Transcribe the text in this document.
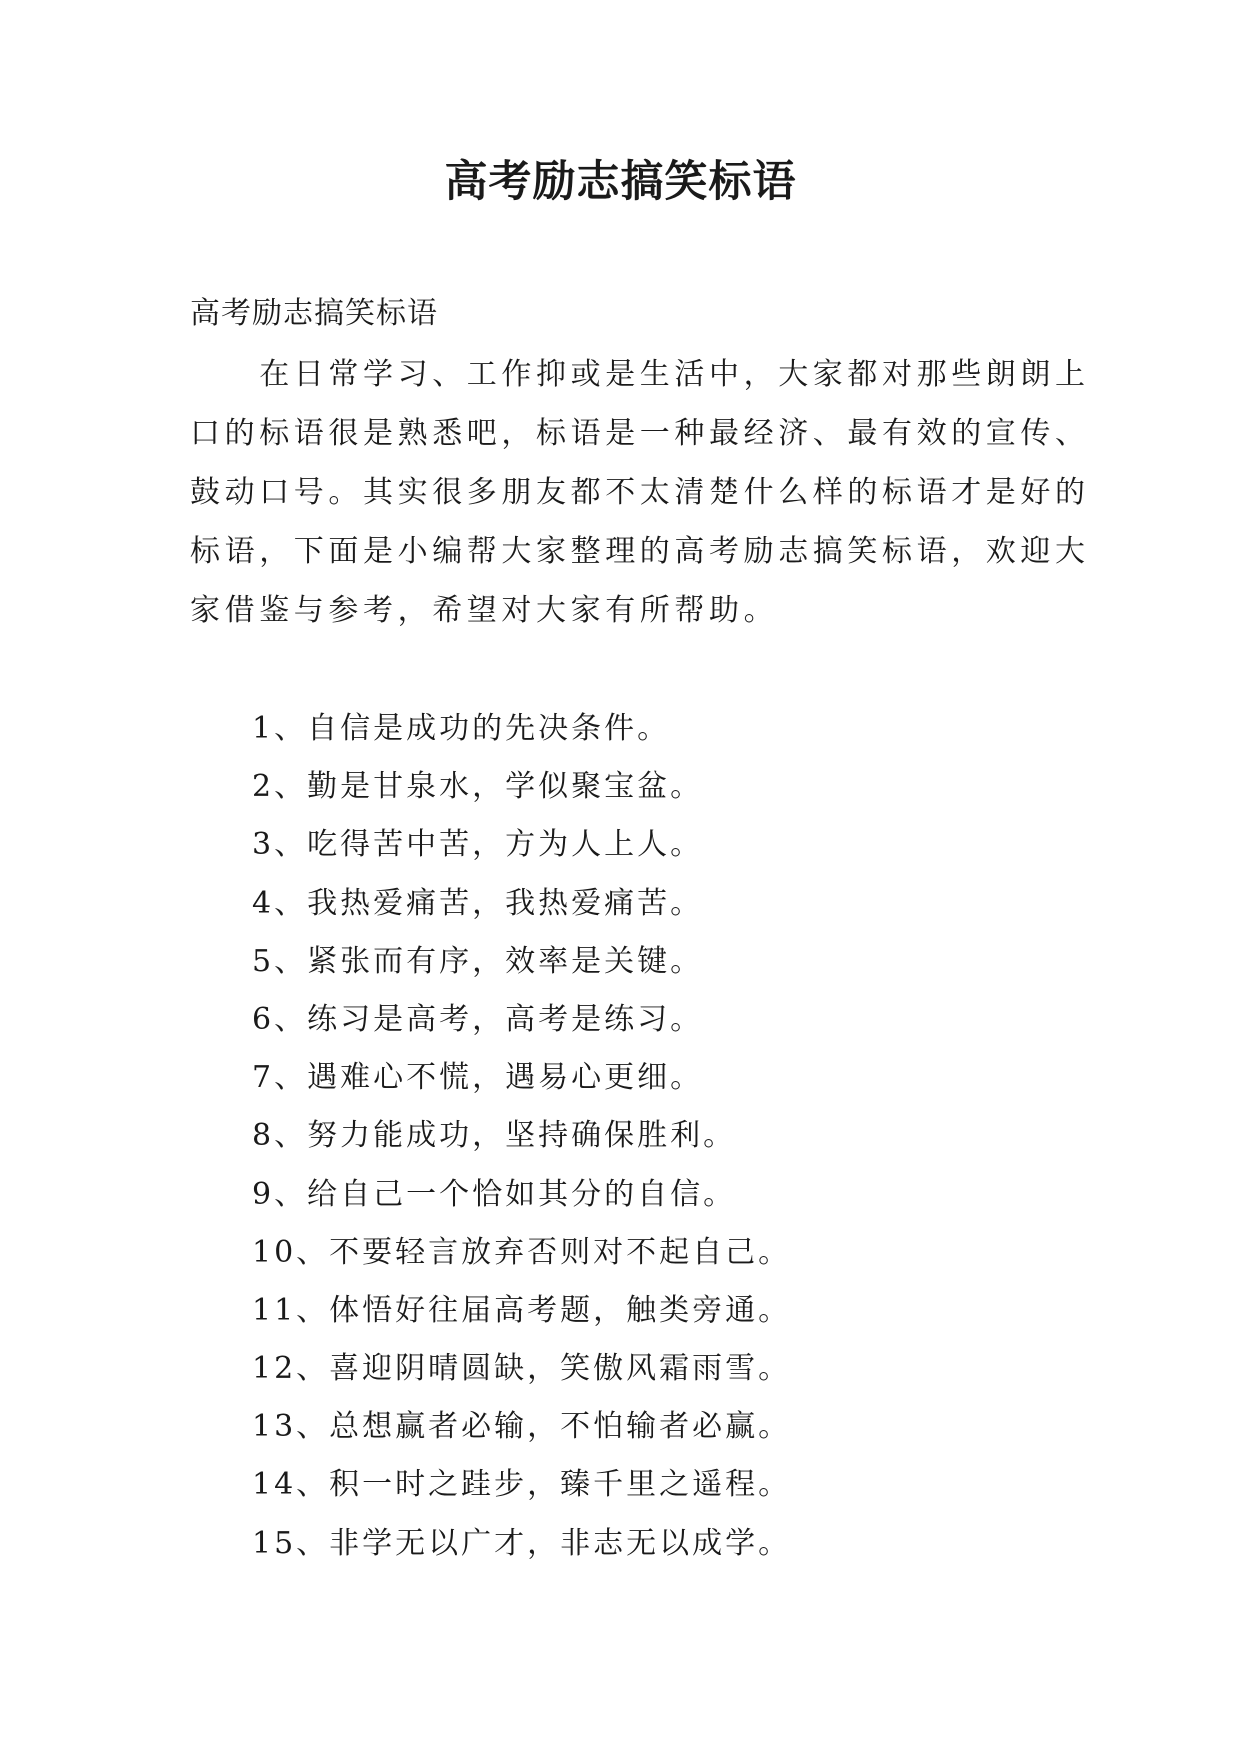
高考励志搞笑标语
高考励志搞笑标语
　　在日常学习、工作抑或是生活中，大家都对那些朗朗上
口的标语很是熟悉吧，标语是一种最经济、最有效的宣传、
鼓动口号。其实很多朋友都不太清楚什么样的标语才是好的
标语，下面是小编帮大家整理的高考励志搞笑标语，欢迎大
家借鉴与参考，希望对大家有所帮助。
1、自信是成功的先决条件。
2、勤是甘泉水，学似聚宝盆。
3、吃得苦中苦，方为人上人。
4、我热爱痛苦，我热爱痛苦。
5、紧张而有序，效率是关键。
6、练习是高考，高考是练习。
7、遇难心不慌，遇易心更细。
8、努力能成功，坚持确保胜利。
9、给自己一个恰如其分的自信。
10、不要轻言放弃否则对不起自己。
11、体悟好往届高考题，触类旁通。
12、喜迎阴晴圆缺，笑傲风霜雨雪。
13、总想赢者必输，不怕输者必赢。
14、积一时之跬步，臻千里之遥程。
15、非学无以广才，非志无以成学。
